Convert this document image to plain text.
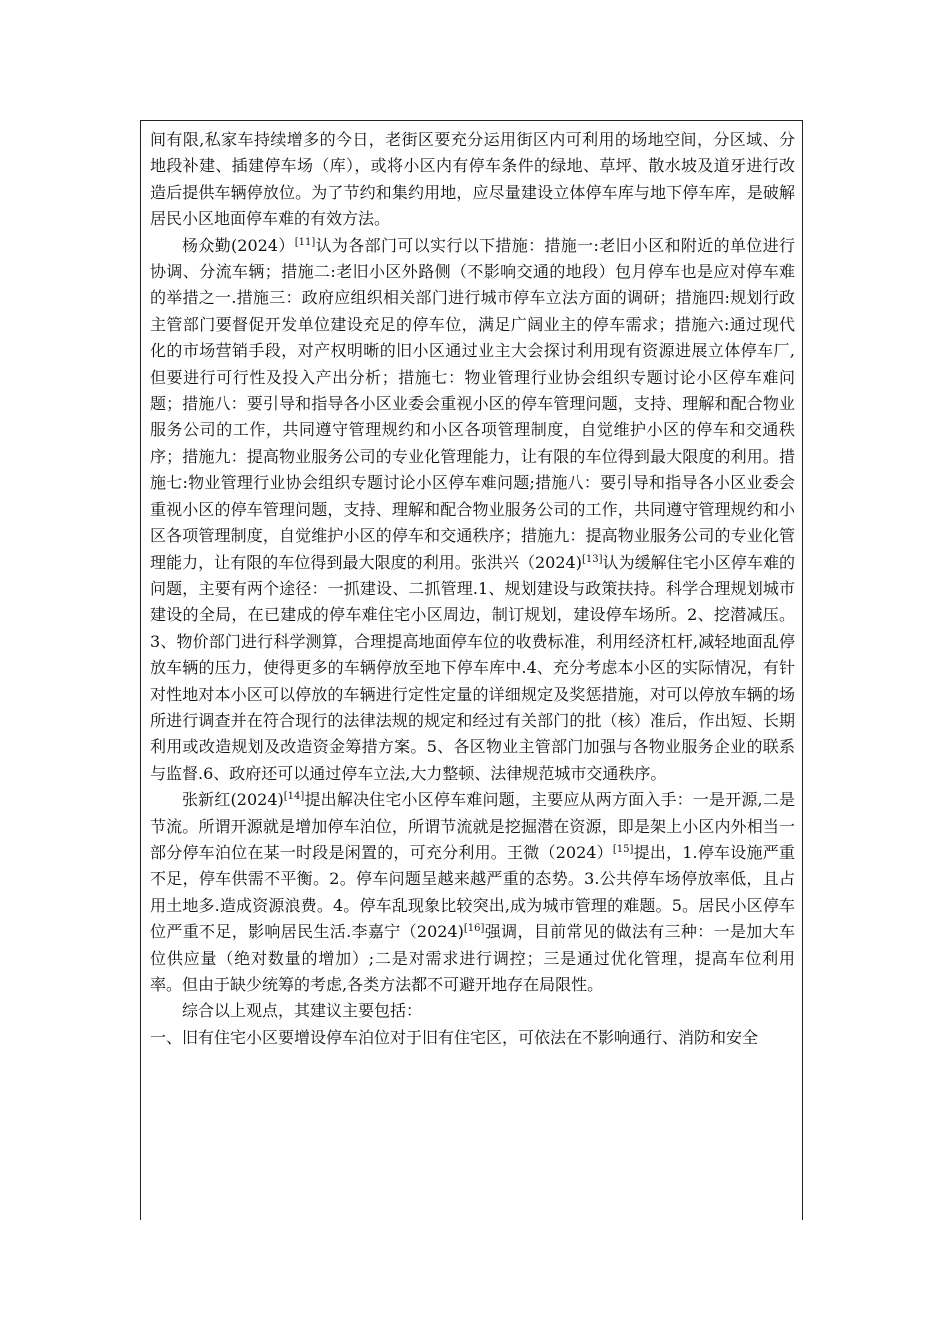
间有限,私家车持续增多的今日，老街区要充分运用街区内可利用的场地空间，分区域、分地段补建、插建停车场（库），或将小区内有停车条件的绿地、草坪、散水坡及道牙进行改造后提供车辆停放位。为了节约和集约用地，应尽量建设立体停车库与地下停车库，是破解居民小区地面停车难的有效方法。

杨众勤(2024）[11]认为各部门可以实行以下措施：措施一:老旧小区和附近的单位进行协调、分流车辆；措施二:老旧小区外路侧（不影响交通的地段）包月停车也是应对停车难的举措之一.措施三：政府应组织相关部门进行城市停车立法方面的调研；措施四:规划行政主管部门要督促开发单位建设充足的停车位，满足广阔业主的停车需求；措施六:通过现代化的市场营销手段，对产权明晰的旧小区通过业主大会探讨利用现有资源进展立体停车厂,但要进行可行性及投入产出分析；措施七：物业管理行业协会组织专题讨论小区停车难问题；措施八：要引导和指导各小区业委会重视小区的停车管理问题，支持、理解和配合物业服务公司的工作，共同遵守管理规约和小区各项管理制度，自觉维护小区的停车和交通秩序；措施九：提高物业服务公司的专业化管理能力，让有限的车位得到最大限度的利用。措施七:物业管理行业协会组织专题讨论小区停车难问题;措施八：要引导和指导各小区业委会重视小区的停车管理问题，支持、理解和配合物业服务公司的工作，共同遵守管理规约和小区各项管理制度，自觉维护小区的停车和交通秩序；措施九：提高物业服务公司的专业化管理能力，让有限的车位得到最大限度的利用。张洪兴（2024)[13]认为缓解住宅小区停车难的问题，主要有两个途径：一抓建设、二抓管理.1、规划建设与政策扶持。科学合理规划城市建设的全局，在已建成的停车难住宅小区周边，制订规划，建设停车场所。2、挖潜减压。3、物价部门进行科学测算，合理提高地面停车位的收费标准，利用经济杠杆,减轻地面乱停放车辆的压力，使得更多的车辆停放至地下停车库中.4、充分考虑本小区的实际情况，有针对性地对本小区可以停放的车辆进行定性定量的详细规定及奖惩措施，对可以停放车辆的场所进行调查并在符合现行的法律法规的规定和经过有关部门的批（核）准后，作出短、长期利用或改造规划及改造资金筹措方案。5、各区物业主管部门加强与各物业服务企业的联系与监督.6、政府还可以通过停车立法,大力整顿、法律规范城市交通秩序。

张新红(2024)[14]提出解决住宅小区停车难问题，主要应从两方面入手：一是开源,二是节流。所谓开源就是增加停车泊位，所谓节流就是挖掘潜在资源，即是架上小区内外相当一部分停车泊位在某一时段是闲置的，可充分利用。王微（2024）[15]提出，1.停车设施严重不足，停车供需不平衡。2。停车问题呈越来越严重的态势。3.公共停车场停放率低，且占用土地多.造成资源浪费。4。停车乱现象比较突出,成为城市管理的难题。5。居民小区停车位严重不足，影响居民生活.李嘉宁（2024)[16]强调，目前常见的做法有三种：一是加大车位供应量（绝对数量的增加）;二是对需求进行调控；三是通过优化管理，提高车位利用率。但由于缺少统筹的考虑,各类方法都不可避开地存在局限性。

综合以上观点，其建议主要包括：

一、旧有住宅小区要增设停车泊位对于旧有住宅区，可依法在不影响通行、消防和安全
